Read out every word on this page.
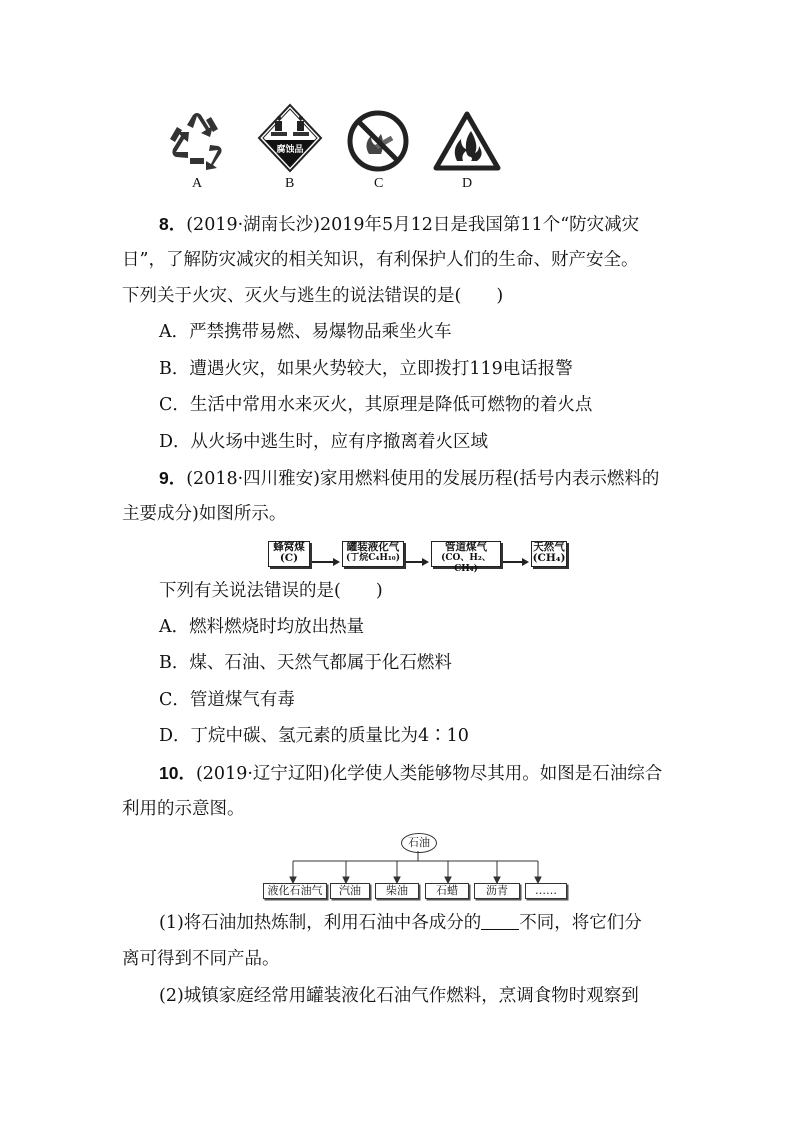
A
腐蚀品
B	C	D
8．(2019·湖南长沙)2019年5月12日是我国第11个“防灾减灾
日”，了解防灾减灾的相关知识，有利保护人们的生命、财产安全。
下列关于火灾、灭火与逃生的说法错误的是(　　)
A．严禁携带易燃、易爆物品乘坐火车
B．遭遇火灾，如果火势较大，立即拨打119电话报警
C．生活中常用水来灭火，其原理是降低可燃物的着火点
D．从火场中逃生时，应有序撤离着火区域
9．(2018·四川雅安)家用燃料使用的发展历程(括号内表示燃料的
主要成分)如图所示。
蜂窝煤
(C)
罐装液化气
(丁烷C₄H₁₀)
管道煤气
(CO、H₂、CH₄)
天然气
(CH₄)
下列有关说法错误的是(　　)
A．燃料燃烧时均放出热量
B．煤、石油、天然气都属于化石燃料
C．管道煤气有毒
D．丁烷中碳、氢元素的质量比为4∶10
10．(2019·辽宁辽阳)化学使人类能够物尽其用。如图是石油综合
利用的示意图。
石油
液化石油气	汽油	柴油	石蜡	沥青	……
(1)将石油加热炼制，利用石油中各成分的 不同，将它们分
离可得到不同产品。
(2)城镇家庭经常用罐装液化石油气作燃料，烹调食物时观察到
